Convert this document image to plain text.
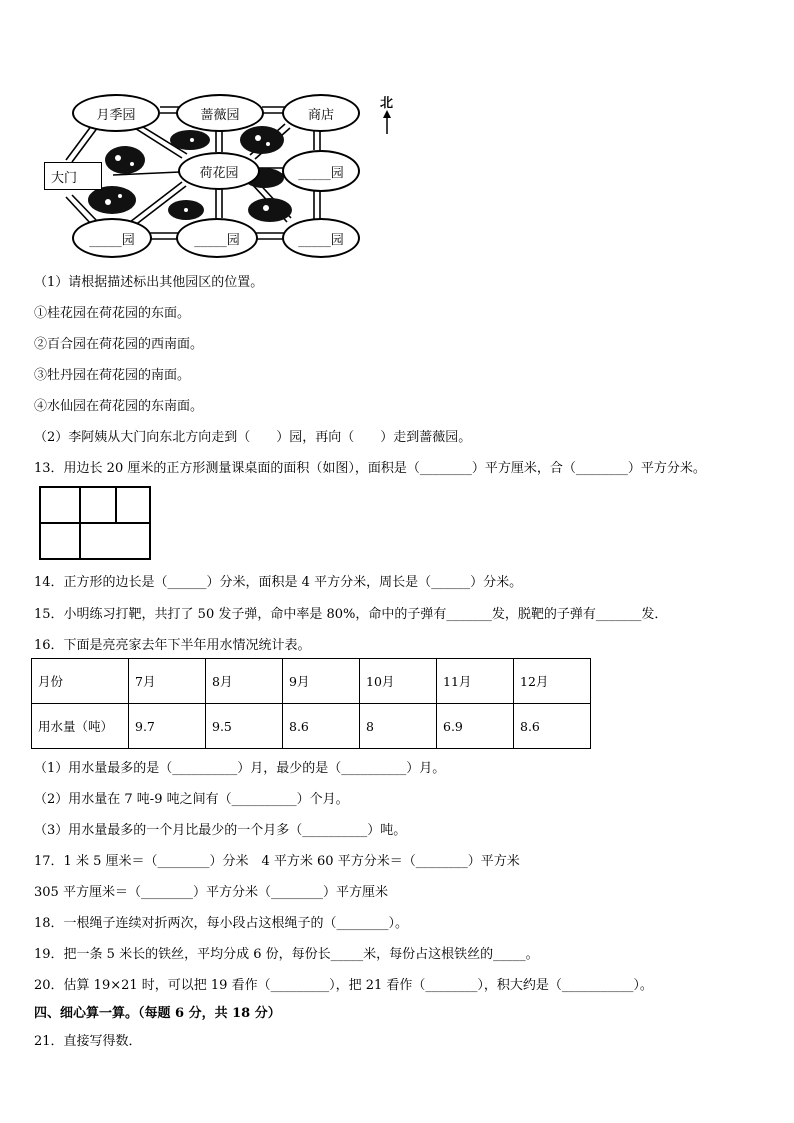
北
月季园	蔷薇园	商店
荷花园	_____园
_____园	_____园	_____园
大门
（1）请根据描述标出其他园区的位置。
①桂花园在荷花园的东面。
②百合园在荷花园的西南面。
③牡丹园在荷花园的南面。
④水仙园在荷花园的东南面。
（2）李阿姨从大门向东北方向走到（　　）园，再向（　　）走到蔷薇园。
13．用边长 20 厘米的正方形测量课桌面的面积（如图），面积是（________）平方厘米，合（________）平方分米。
14．正方形的边长是（______）分米，面积是 4 平方分米，周长是（______）分米。
15．小明练习打靶，共打了 50 发子弹，命中率是 80%，命中的子弹有_______发，脱靶的子弹有_______发．
16．下面是亮亮家去年下半年用水情况统计表。
月份	7月	8月	9月	10月	11月	12月
用水量（吨）	9.7	9.5	8.6	8	6.9	8.6
（1）用水量最多的是（__________）月，最少的是（__________）月。
（2）用水量在 7 吨-9 吨之间有（__________）个月。
（3）用水量最多的一个月比最少的一个月多（__________）吨。
17．1 米 5 厘米＝（________）分米　4 平方米 60 平方分米＝（________）平方米
305 平方厘米＝（________）平方分米（________）平方厘米
18．一根绳子连续对折两次，每小段占这根绳子的（________）。
19．把一条 5 米长的铁丝，平均分成 6 份，每份长_____米，每份占这根铁丝的_____。
20．估算 19×21 时，可以把 19 看作（_________），把 21 看作（________），积大约是（___________）。
四、细心算一算。（每题 6 分，共 18 分）
21．直接写得数．
